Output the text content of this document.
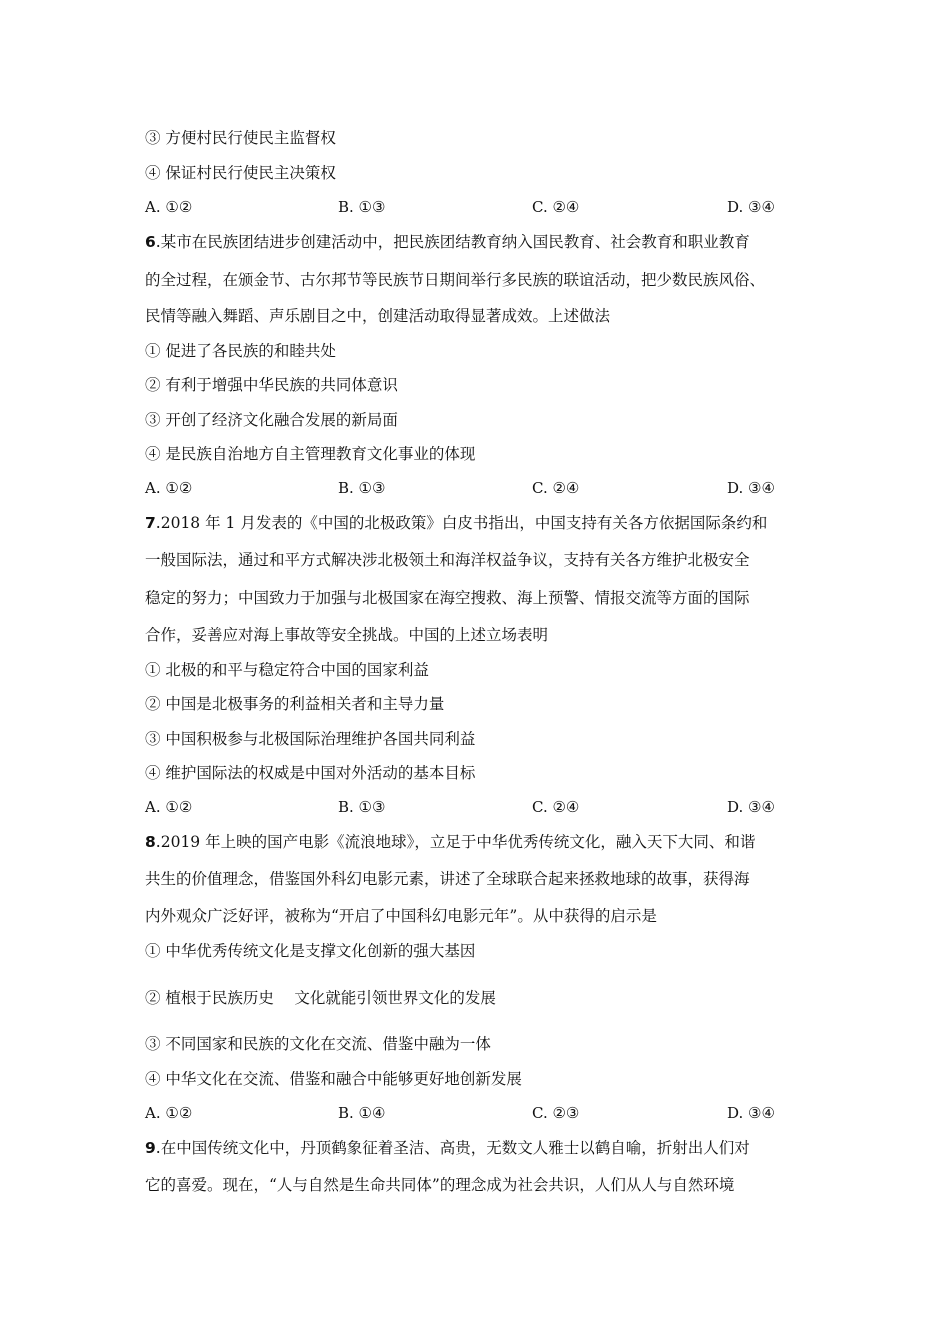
③ 方便村民行使民主监督权
④ 保证村民行使民主决策权
A. ①②	B. ①③	C. ②④	D. ③④
6.某市在民族团结进步创建活动中，把民族团结教育纳入国民教育、社会教育和职业教育
的全过程，在颁金节、古尔邦节等民族节日期间举行多民族的联谊活动，把少数民族风俗、
民情等融入舞蹈、声乐剧目之中，创建活动取得显著成效。上述做法
① 促进了各民族的和睦共处
② 有利于增强中华民族的共同体意识
③ 开创了经济文化融合发展的新局面
④ 是民族自治地方自主管理教育文化事业的体现
A. ①②	B. ①③	C. ②④	D. ③④
7.2018 年 1 月发表的《中国的北极政策》白皮书指出，中国支持有关各方依据国际条约和
一般国际法，通过和平方式解决涉北极领土和海洋权益争议，支持有关各方维护北极安全
稳定的努力；中国致力于加强与北极国家在海空搜救、海上预警、情报交流等方面的国际
合作，妥善应对海上事故等安全挑战。中国的上述立场表明
① 北极的和平与稳定符合中国的国家利益
② 中国是北极事务的利益相关者和主导力量
③ 中国积极参与北极国际治理维护各国共同利益
④ 维护国际法的权威是中国对外活动的基本目标
A. ①②	B. ①③	C. ②④	D. ③④
8.2019 年上映的国产电影《流浪地球》，立足于中华优秀传统文化，融入天下大同、和谐
共生的价值理念，借鉴国外科幻电影元素，讲述了全球联合起来拯救地球的故事，获得海
内外观众广泛好评，被称为“开启了中国科幻电影元年”。从中获得的启示是
① 中华优秀传统文化是支撑文化创新的强大基因
② 植根于民族历史　 文化就能引领世界文化的发展
③ 不同国家和民族的文化在交流、借鉴中融为一体
④ 中华文化在交流、借鉴和融合中能够更好地创新发展
A. ①②	B. ①④	C. ②③	D. ③④
9.在中国传统文化中，丹顶鹤象征着圣洁、高贵，无数文人雅士以鹤自喻，折射出人们对
它的喜爱。现在，“人与自然是生命共同体”的理念成为社会共识，人们从人与自然环境
